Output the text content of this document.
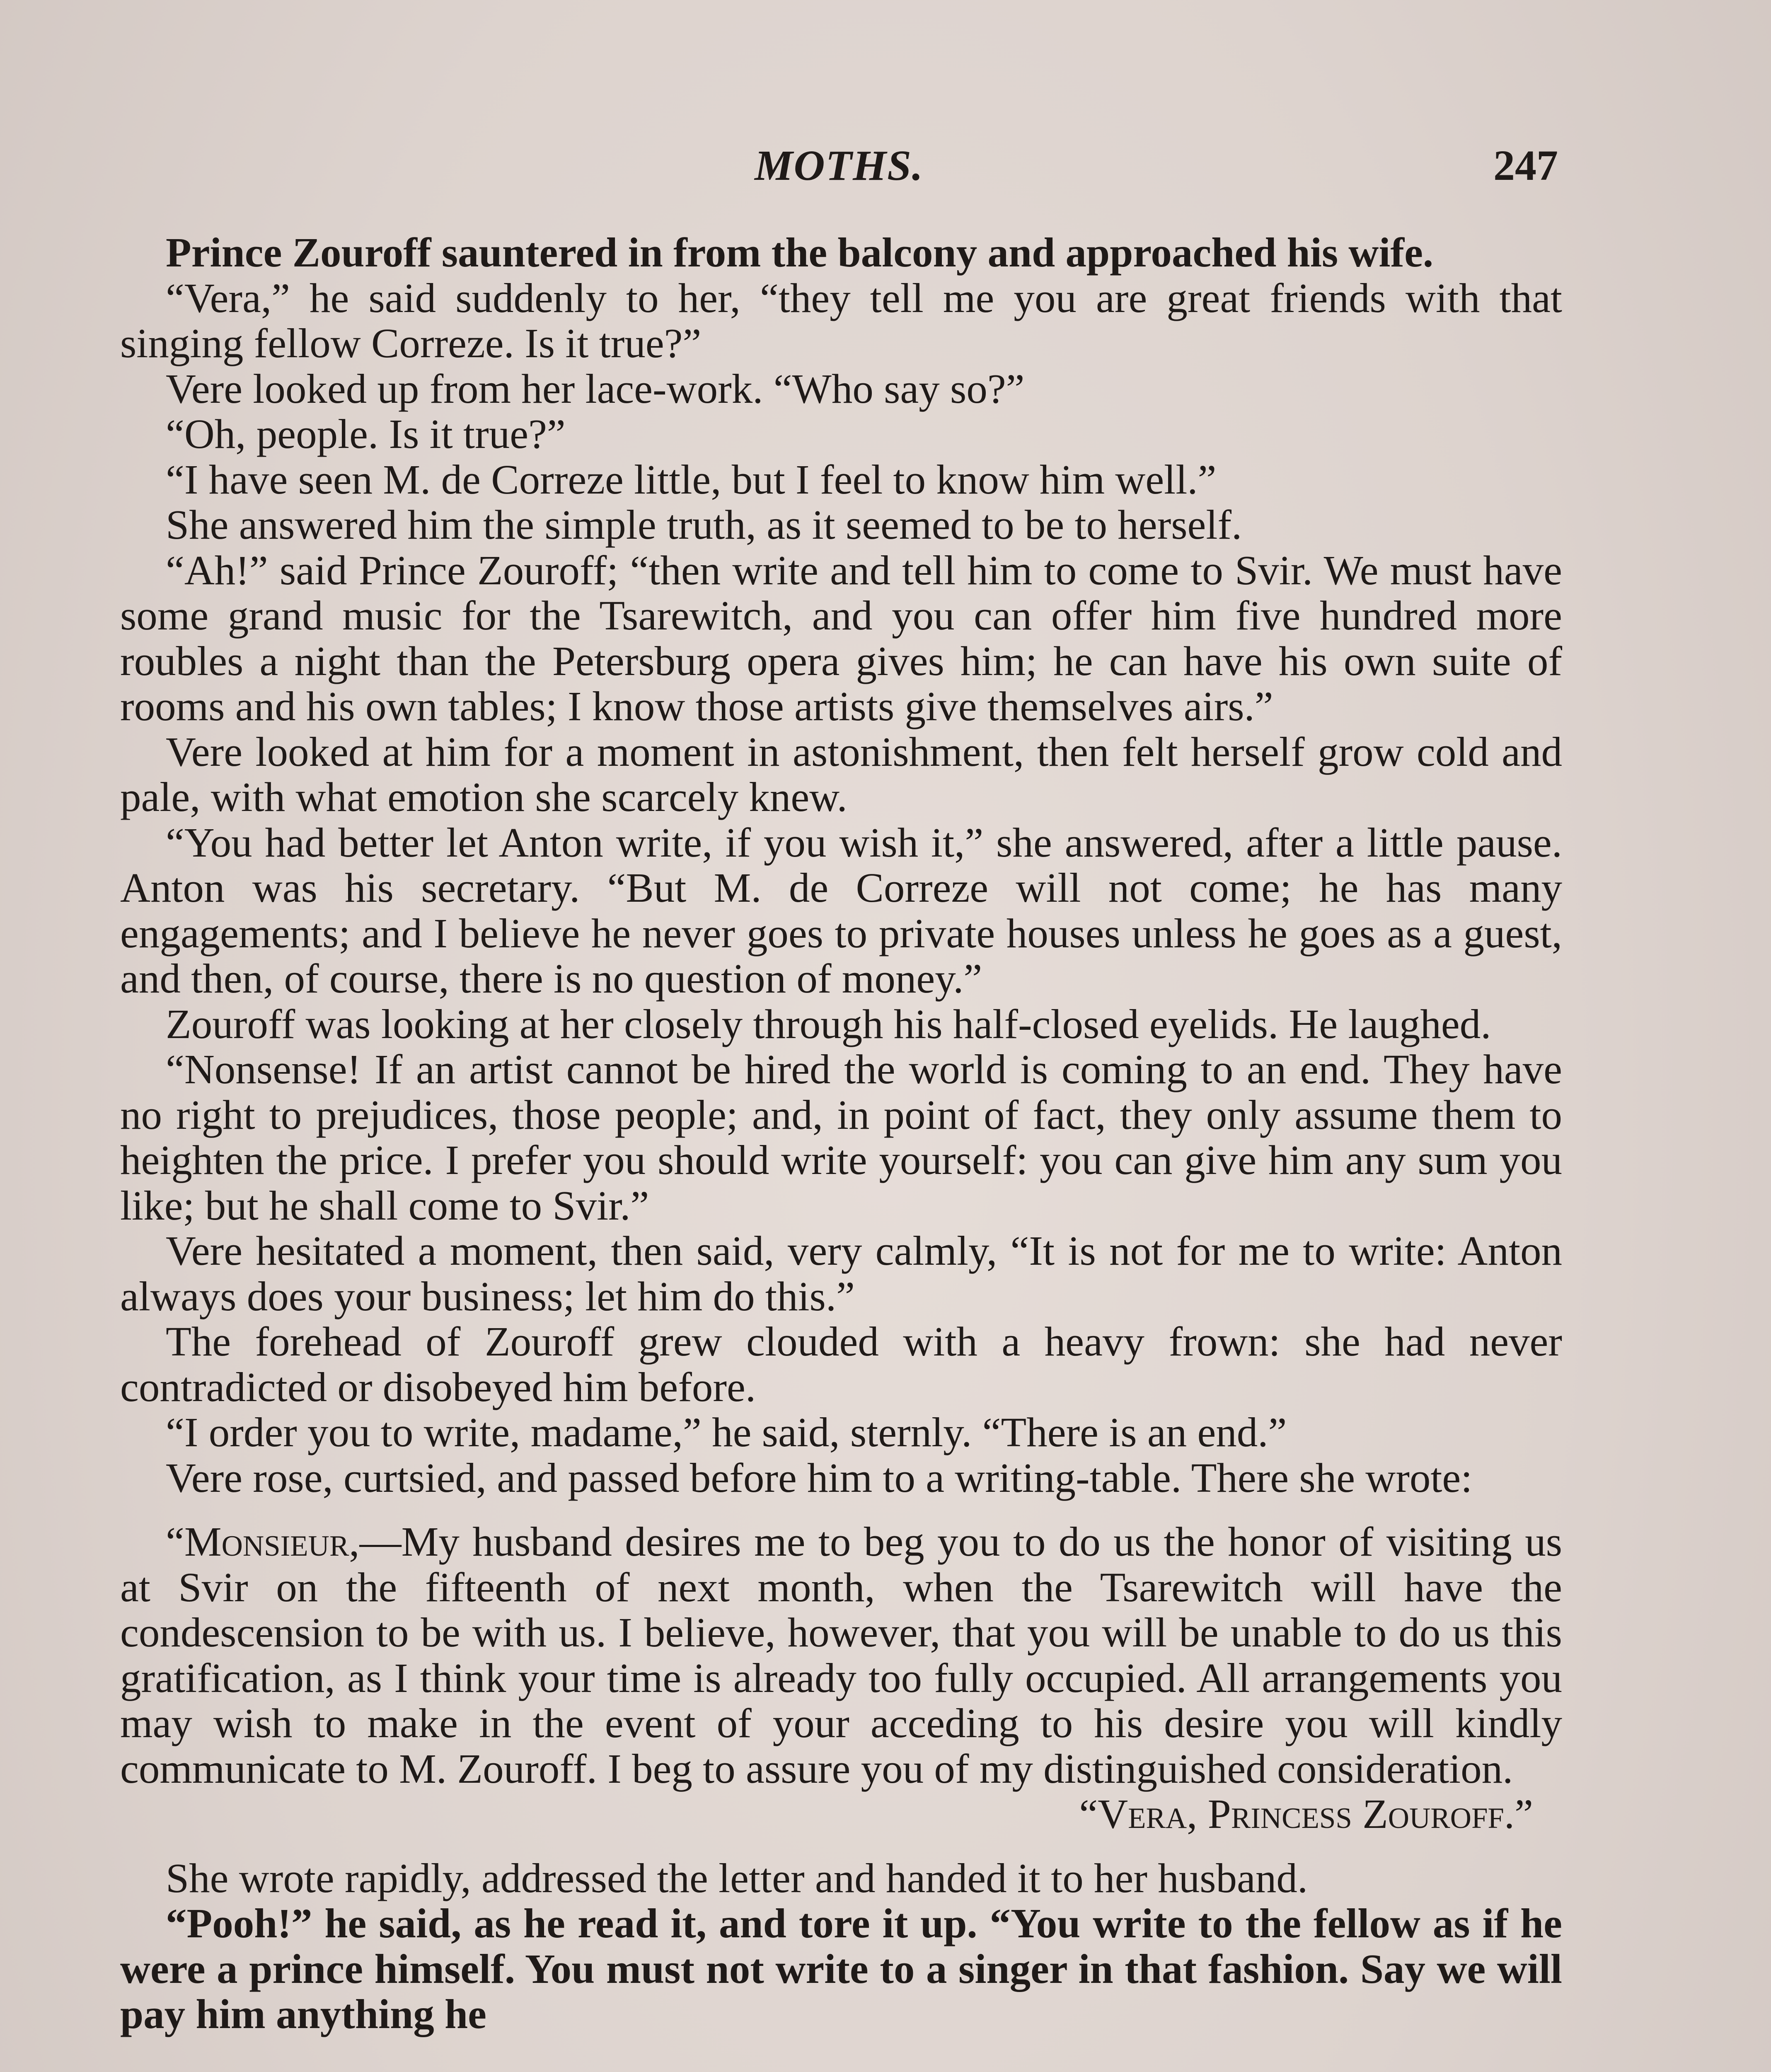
MOTHS.	247

Prince Zouroff sauntered in from the balcony and approached his wife.

“Vera,” he said suddenly to her, “they tell me you are great friends with that singing fellow Correze. Is it true?”

Vere looked up from her lace-work. “Who say so?”

“Oh, people. Is it true?”

“I have seen M. de Correze little, but I feel to know him well.”

She answered him the simple truth, as it seemed to be to herself.

“Ah!” said Prince Zouroff; “then write and tell him to come to Svir. We must have some grand music for the Tsarewitch, and you can offer him five hundred more roubles a night than the Petersburg opera gives him; he can have his own suite of rooms and his own tables; I know those artists give themselves airs.”

Vere looked at him for a moment in astonishment, then felt herself grow cold and pale, with what emotion she scarcely knew.

“You had better let Anton write, if you wish it,” she answered, after a little pause. Anton was his secretary. “But M. de Correze will not come; he has many engagements; and I believe he never goes to private houses unless he goes as a guest, and then, of course, there is no question of money.”

Zouroff was looking at her closely through his half-closed eyelids. He laughed.

“Nonsense! If an artist cannot be hired the world is coming to an end. They have no right to prejudices, those people; and, in point of fact, they only assume them to heighten the price. I prefer you should write yourself: you can give him any sum you like; but he shall come to Svir.”

Vere hesitated a moment, then said, very calmly, “It is not for me to write: Anton always does your business; let him do this.”

The forehead of Zouroff grew clouded with a heavy frown: she had never contradicted or disobeyed him before.

“I order you to write, madame,” he said, sternly. “There is an end.”

Vere rose, curtsied, and passed before him to a writing-table. There she wrote:

“Monsieur,—My husband desires me to beg you to do us the honor of visiting us at Svir on the fifteenth of next month, when the Tsarewitch will have the condescension to be with us. I believe, however, that you will be unable to do us this gratification, as I think your time is already too fully occupied. All arrangements you may wish to make in the event of your acceding to his desire you will kindly communicate to M. Zouroff. I beg to assure you of my distinguished consideration.

“Vera, Princess Zouroff.”

She wrote rapidly, addressed the letter and handed it to her husband.

“Pooh!” he said, as he read it, and tore it up. “You write to the fellow as if he were a prince himself. You must not write to a singer in that fashion. Say we will pay him anything he
